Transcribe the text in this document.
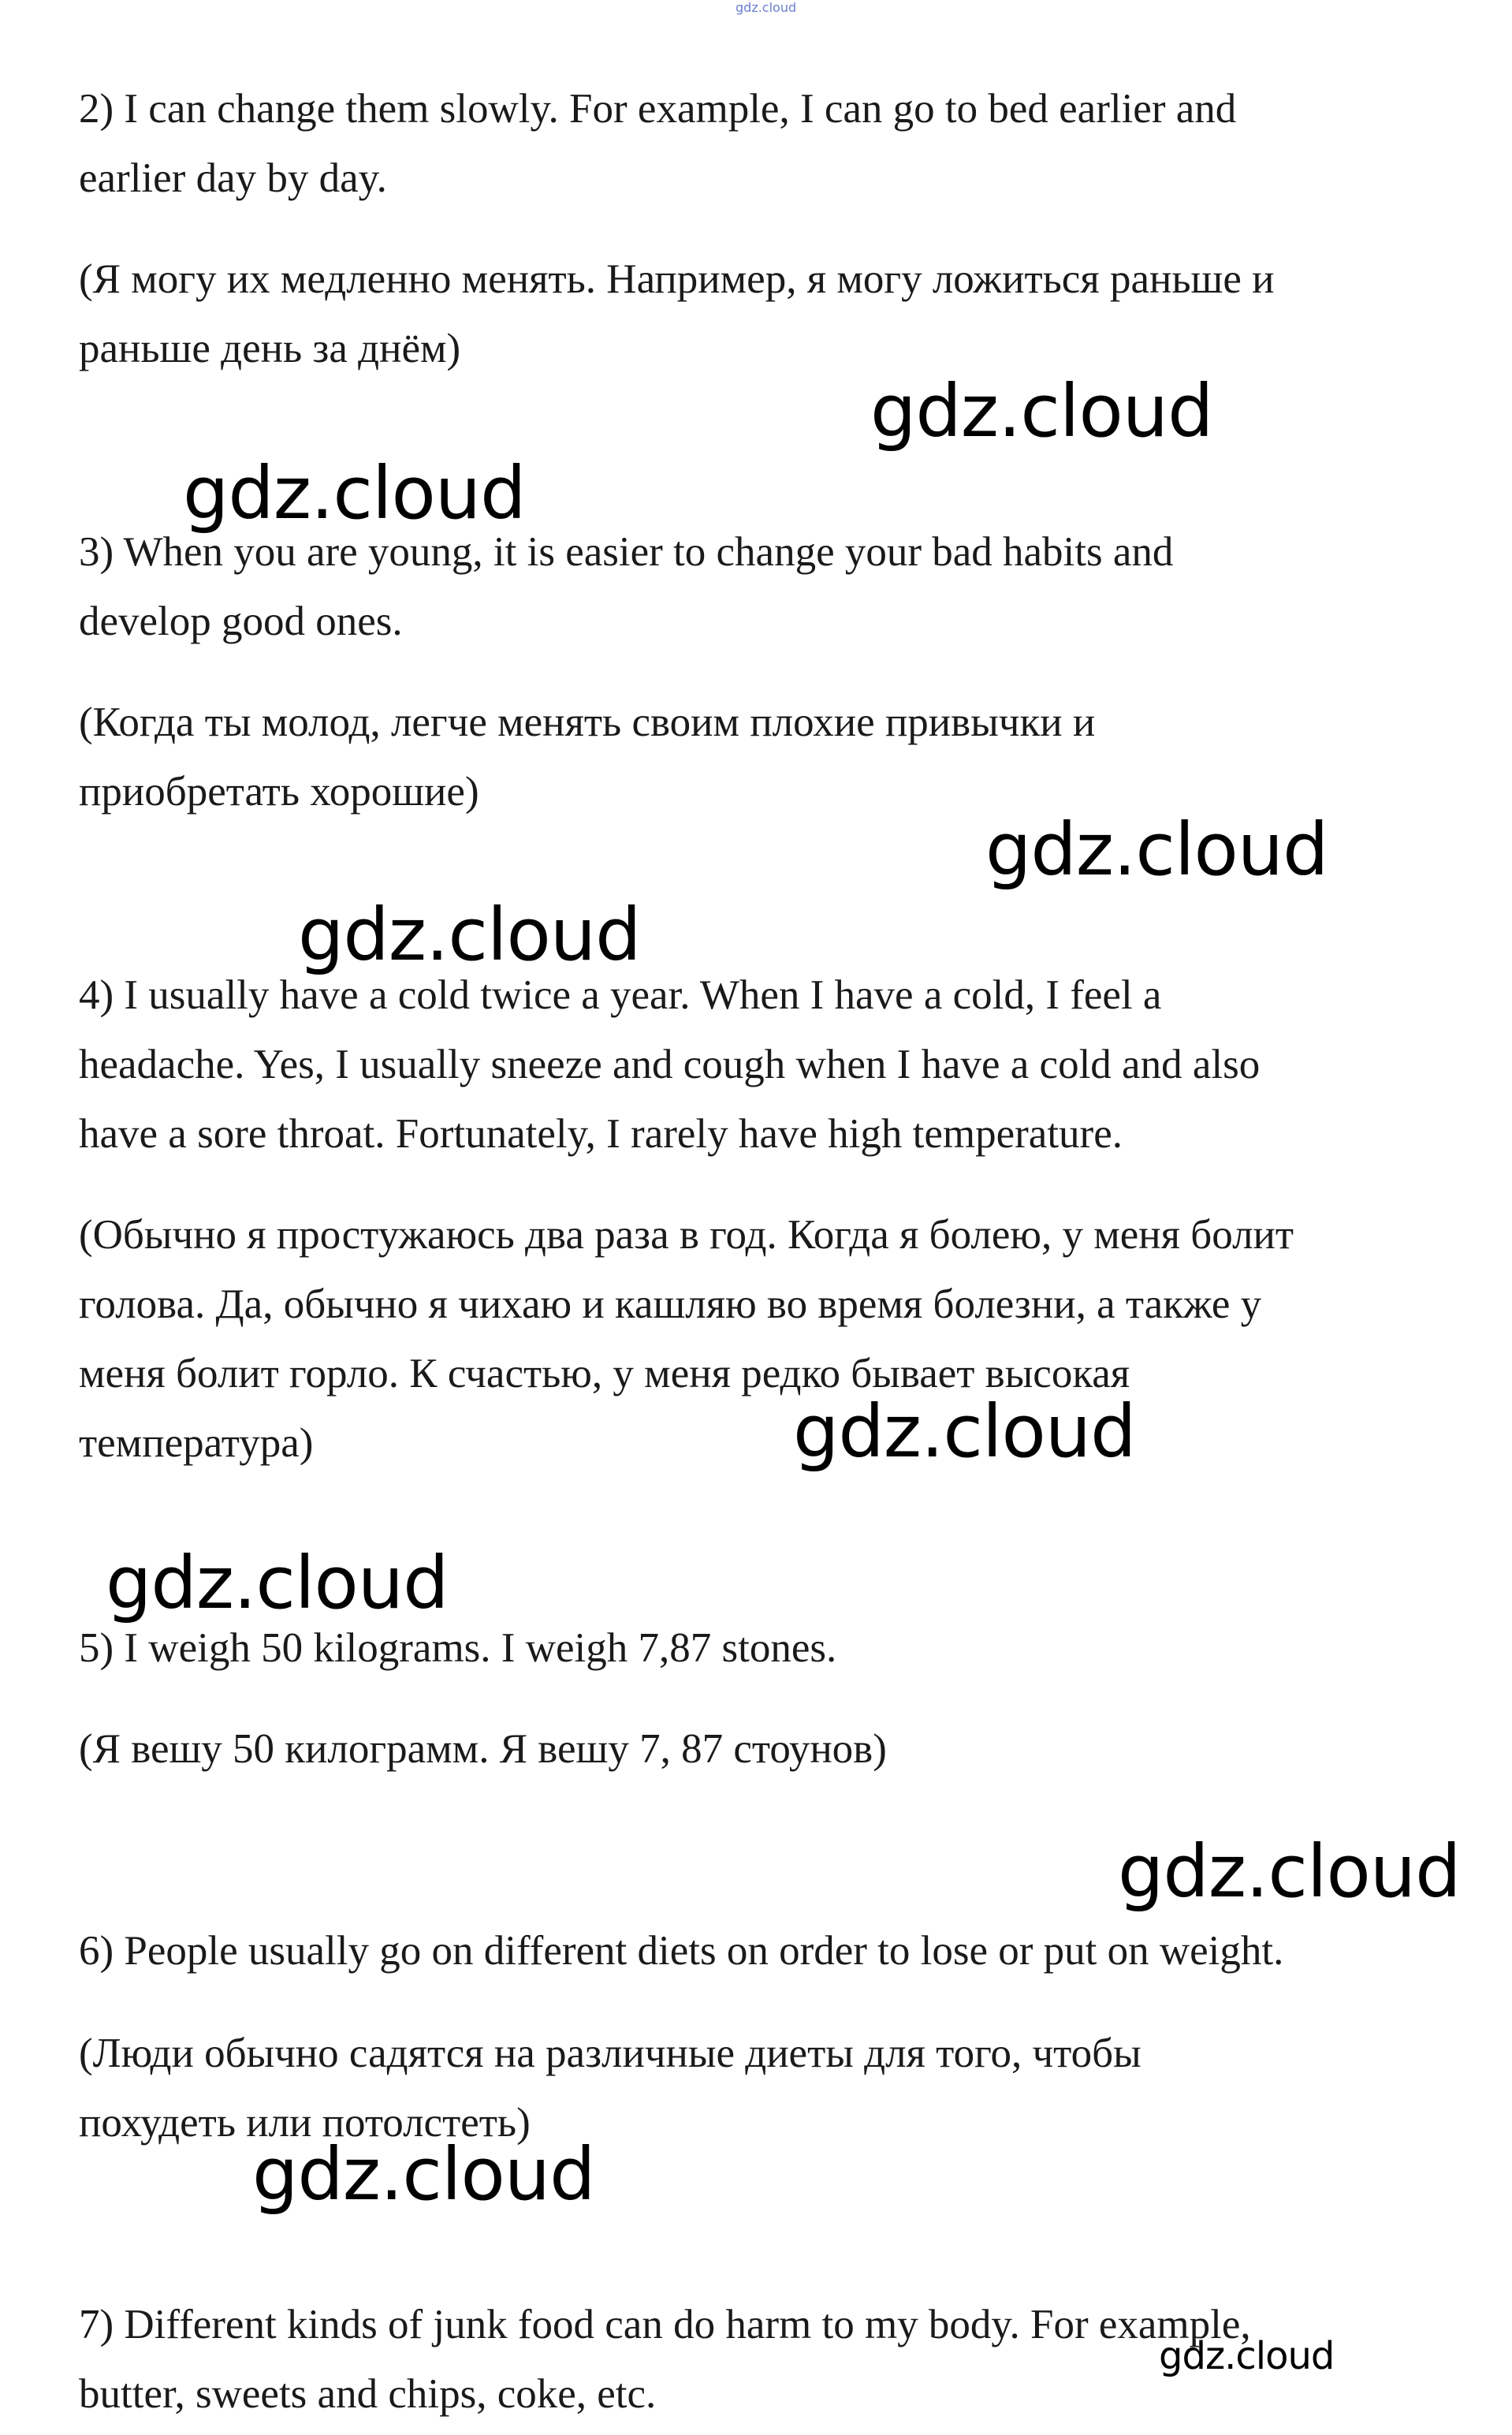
gdz.cloud

2) I can change them slowly. For example, I can go to bed earlier and
earlier day by day.

(Я могу их медленно менять. Например, я могу ложиться раньше и
раньше день за днём)

gdz.cloud
gdz.cloud

3) When you are young, it is easier to change your bad habits and
develop good ones.

(Когда ты молод, легче менять своим плохие привычки и
приобретать хорошие)

gdz.cloud
gdz.cloud

4) I usually have a cold twice a year. When I have a cold, I feel a
headache. Yes, I usually sneeze and cough when I have a cold and also
have a sore throat. Fortunately, I rarely have high temperature.

(Обычно я простужаюсь два раза в год. Когда я болею, у меня болит
голова. Да, обычно я чихаю и кашляю во время болезни, а также у
меня болит горло. К счастью, у меня редко бывает высокая
температура)	gdz.cloud
gdz.cloud

5) I weigh 50 kilograms. I weigh 7,87 stones.

(Я вешу 50 килограмм. Я вешу 7, 87 стоунов)

gdz.cloud

6) People usually go on different diets on order to lose or put on weight.

(Люди обычно садятся на различные диеты для того, чтобы
похудеть или потолстеть)

gdz.cloud

7) Different kinds of junk food can do harm to my body. For example,
butter, sweets and chips, coke, etc.

gdz.cloud
